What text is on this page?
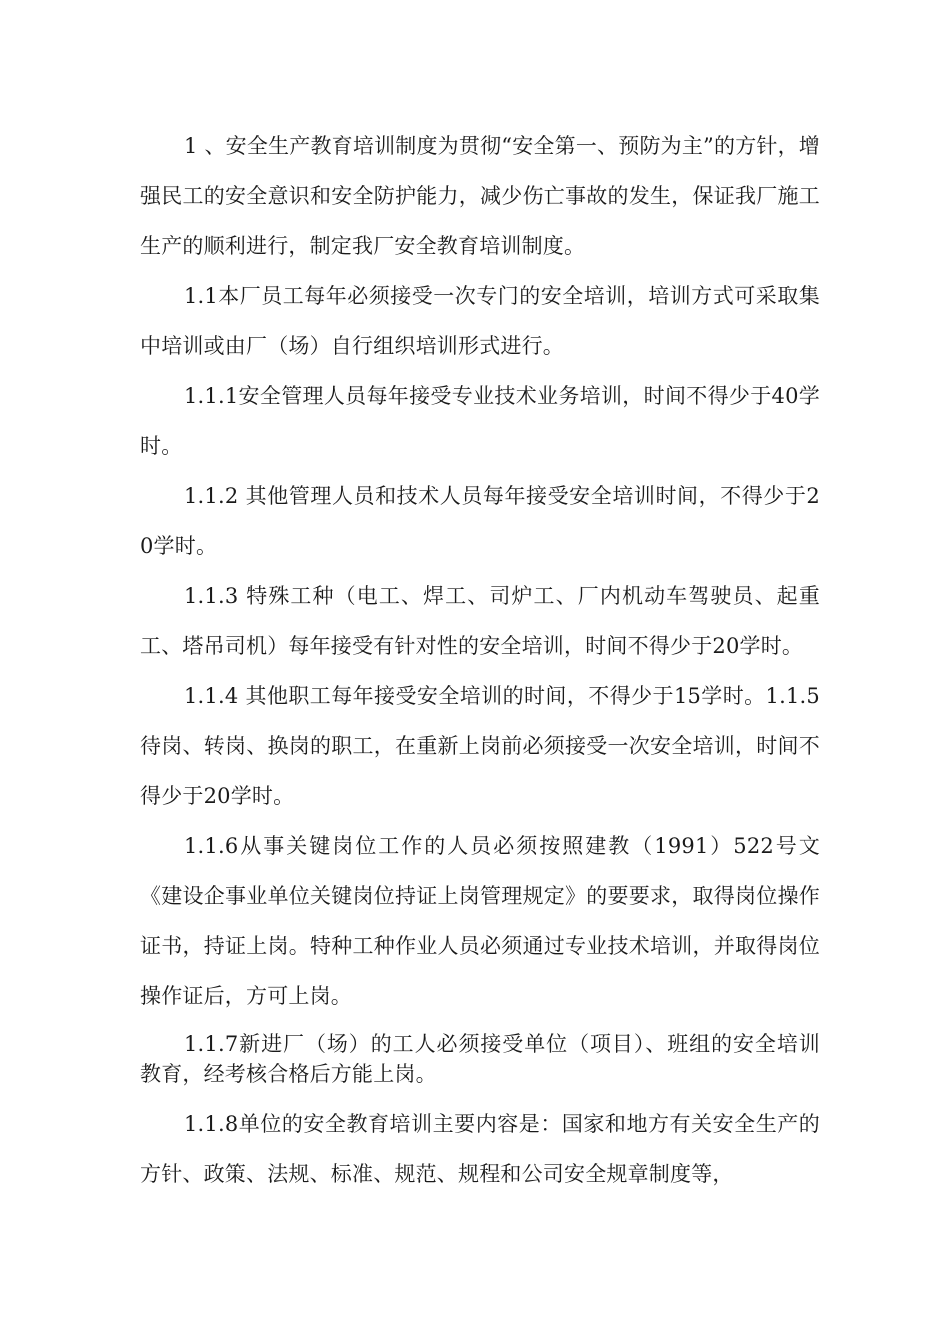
1 、安全生产教育培训制度为贯彻“安全第一、预防为主”的方针，增强民工的安全意识和安全防护能力，减少伤亡事故的发生，保证我厂施工生产的顺利进行，制定我厂安全教育培训制度。

1.1本厂员工每年必须接受一次专门的安全培训，培训方式可采取集中培训或由厂（场）自行组织培训形式进行。

1.1.1安全管理人员每年接受专业技术业务培训，时间不得少于40学时。

1.1.2 其他管理人员和技术人员每年接受安全培训时间，不得少于20学时。

1.1.3 特殊工种（电工、焊工、司炉工、厂内机动车驾驶员、起重工、塔吊司机）每年接受有针对性的安全培训，时间不得少于20学时。

1.1.4 其他职工每年接受安全培训的时间，不得少于15学时。1.1.5待岗、转岗、换岗的职工，在重新上岗前必须接受一次安全培训，时间不得少于20学时。

1.1.6从事关键岗位工作的人员必须按照建教（1991）522号文《建设企事业单位关键岗位持证上岗管理规定》的要要求，取得岗位操作证书，持证上岗。特种工种作业人员必须通过专业技术培训，并取得岗位操作证后，方可上岗。

1.1.7新进厂（场）的工人必须接受单位（项目）、班组的安全培训教育，经考核合格后方能上岗。

1.1.8单位的安全教育培训主要内容是：国家和地方有关安全生产的方针、政策、法规、标准、规范、规程和公司安全规章制度等，
